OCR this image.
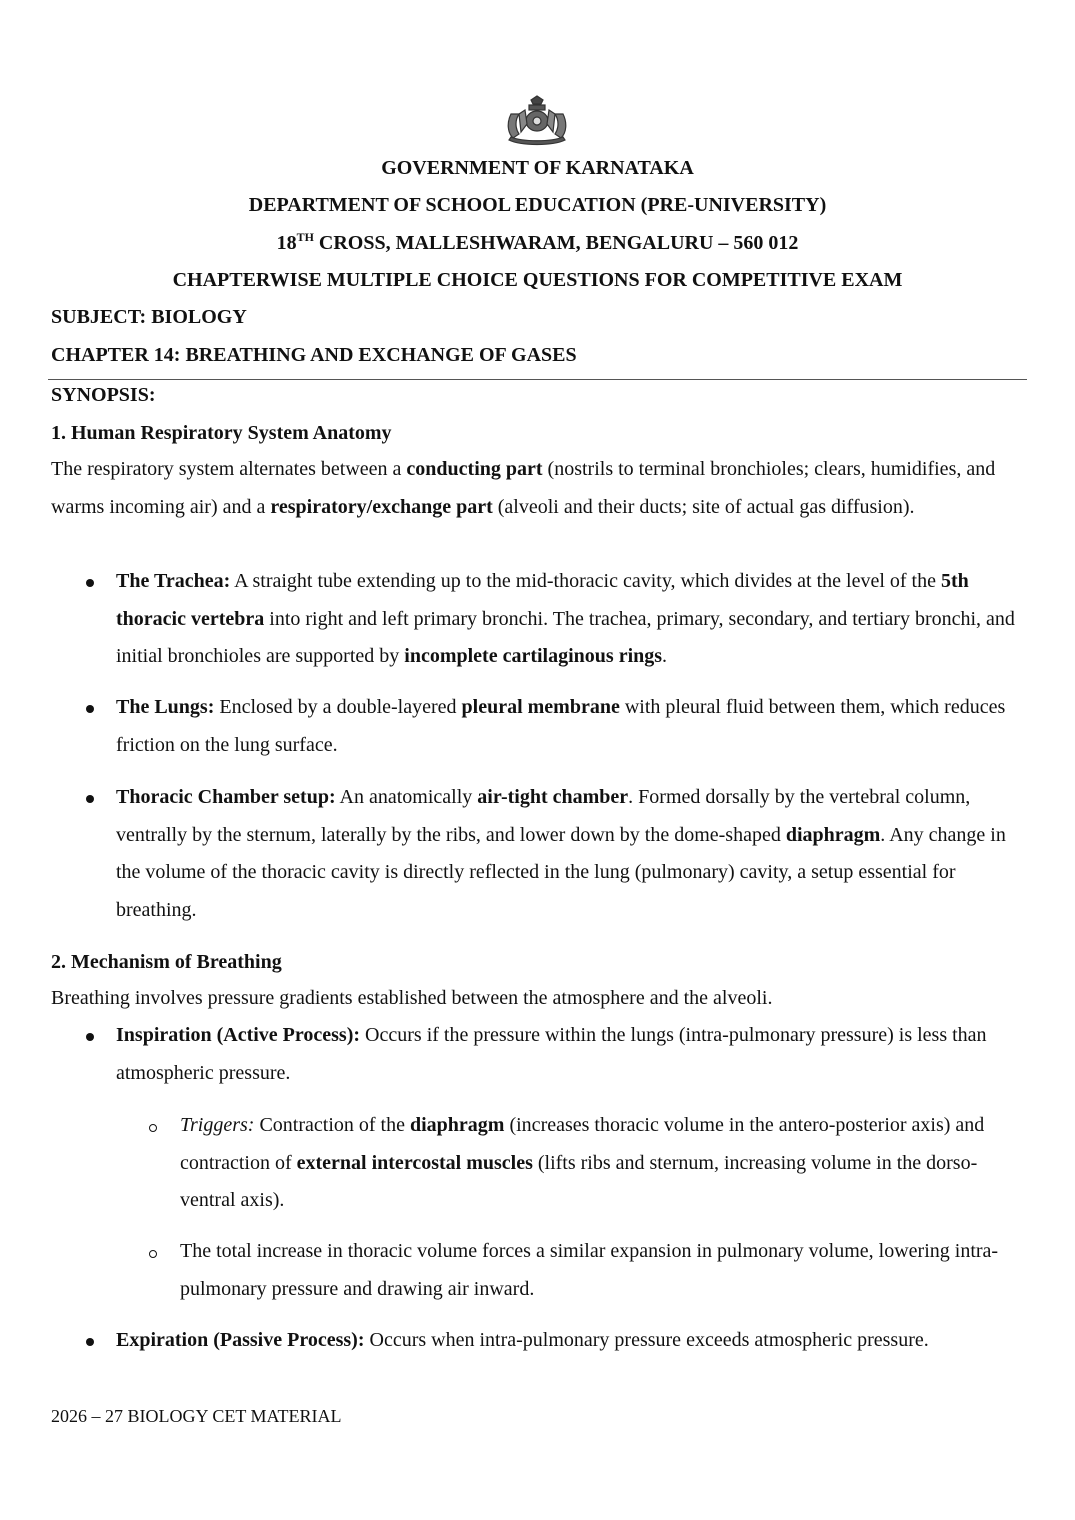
GOVERNMENT OF KARNATAKA
DEPARTMENT OF SCHOOL EDUCATION (PRE-UNIVERSITY)
18TH CROSS, MALLESHWARAM, BENGALURU – 560 012
CHAPTERWISE MULTIPLE CHOICE QUESTIONS FOR COMPETITIVE EXAM
SUBJECT: BIOLOGY
CHAPTER 14: BREATHING AND EXCHANGE OF GASES
SYNOPSIS:
1. Human Respiratory System Anatomy
The respiratory system alternates between a conducting part (nostrils to terminal bronchioles; clears, humidifies, and warms incoming air) and a respiratory/exchange part (alveoli and their ducts; site of actual gas diffusion).
The Trachea: A straight tube extending up to the mid-thoracic cavity, which divides at the level of the 5th thoracic vertebra into right and left primary bronchi. The trachea, primary, secondary, and tertiary bronchi, and initial bronchioles are supported by incomplete cartilaginous rings.
The Lungs: Enclosed by a double-layered pleural membrane with pleural fluid between them, which reduces friction on the lung surface.
Thoracic Chamber setup: An anatomically air-tight chamber. Formed dorsally by the vertebral column, ventrally by the sternum, laterally by the ribs, and lower down by the dome-shaped diaphragm. Any change in the volume of the thoracic cavity is directly reflected in the lung (pulmonary) cavity, a setup essential for breathing.
2. Mechanism of Breathing
Breathing involves pressure gradients established between the atmosphere and the alveoli.
Inspiration (Active Process): Occurs if the pressure within the lungs (intra-pulmonary pressure) is less than atmospheric pressure.
Triggers: Contraction of the diaphragm (increases thoracic volume in the antero-posterior axis) and contraction of external intercostal muscles (lifts ribs and sternum, increasing volume in the dorso-ventral axis).
The total increase in thoracic volume forces a similar expansion in pulmonary volume, lowering intra-pulmonary pressure and drawing air inward.
Expiration (Passive Process): Occurs when intra-pulmonary pressure exceeds atmospheric pressure.
2026 – 27 BIOLOGY CET MATERIAL
